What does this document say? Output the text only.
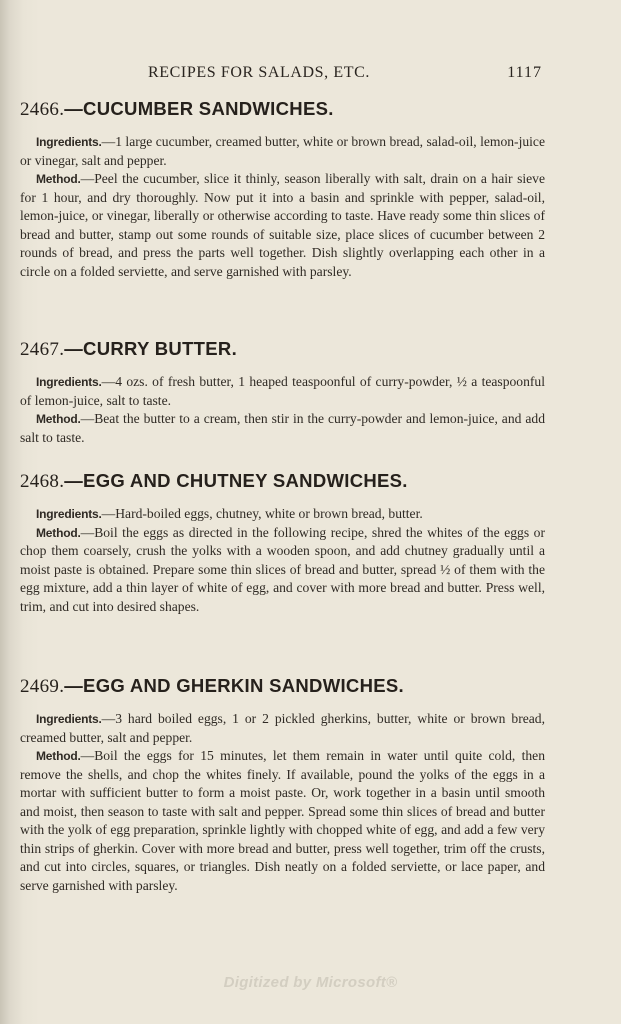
RECIPES FOR SALADS, ETC.	1117
2466.—CUCUMBER SANDWICHES.

Ingredients.—1 large cucumber, creamed butter, white or brown bread, salad-oil, lemon-juice or vinegar, salt and pepper.

Method.—Peel the cucumber, slice it thinly, season liberally with salt, drain on a hair sieve for 1 hour, and dry thoroughly. Now put it into a basin and sprinkle with pepper, salad-oil, lemon-juice, or vinegar, liberally or otherwise according to taste. Have ready some thin slices of bread and butter, stamp out some rounds of suitable size, place slices of cucumber between 2 rounds of bread, and press the parts well together. Dish slightly overlapping each other in a circle on a folded serviette, and serve garnished with parsley.

2467.—CURRY BUTTER.

Ingredients.—4 ozs. of fresh butter, 1 heaped teaspoonful of curry-powder, ½ a teaspoonful of lemon-juice, salt to taste.

Method.—Beat the butter to a cream, then stir in the curry-powder and lemon-juice, and add salt to taste.

2468.—EGG AND CHUTNEY SANDWICHES.

Ingredients.—Hard-boiled eggs, chutney, white or brown bread, butter.

Method.—Boil the eggs as directed in the following recipe, shred the whites of the eggs or chop them coarsely, crush the yolks with a wooden spoon, and add chutney gradually until a moist paste is obtained. Prepare some thin slices of bread and butter, spread ½ of them with the egg mixture, add a thin layer of white of egg, and cover with more bread and butter. Press well, trim, and cut into desired shapes.

2469.—EGG AND GHERKIN SANDWICHES.

Ingredients.—3 hard boiled eggs, 1 or 2 pickled gherkins, butter, white or brown bread, creamed butter, salt and pepper.

Method.—Boil the eggs for 15 minutes, let them remain in water until quite cold, then remove the shells, and chop the whites finely. If available, pound the yolks of the eggs in a mortar with sufficient butter to form a moist paste. Or, work together in a basin until smooth and moist, then season to taste with salt and pepper. Spread some thin slices of bread and butter with the yolk of egg preparation, sprinkle lightly with chopped white of egg, and add a few very thin strips of gherkin. Cover with more bread and butter, press well together, trim off the crusts, and cut into circles, squares, or triangles. Dish neatly on a folded serviette, or lace paper, and serve garnished with parsley.

Digitized by Microsoft®
